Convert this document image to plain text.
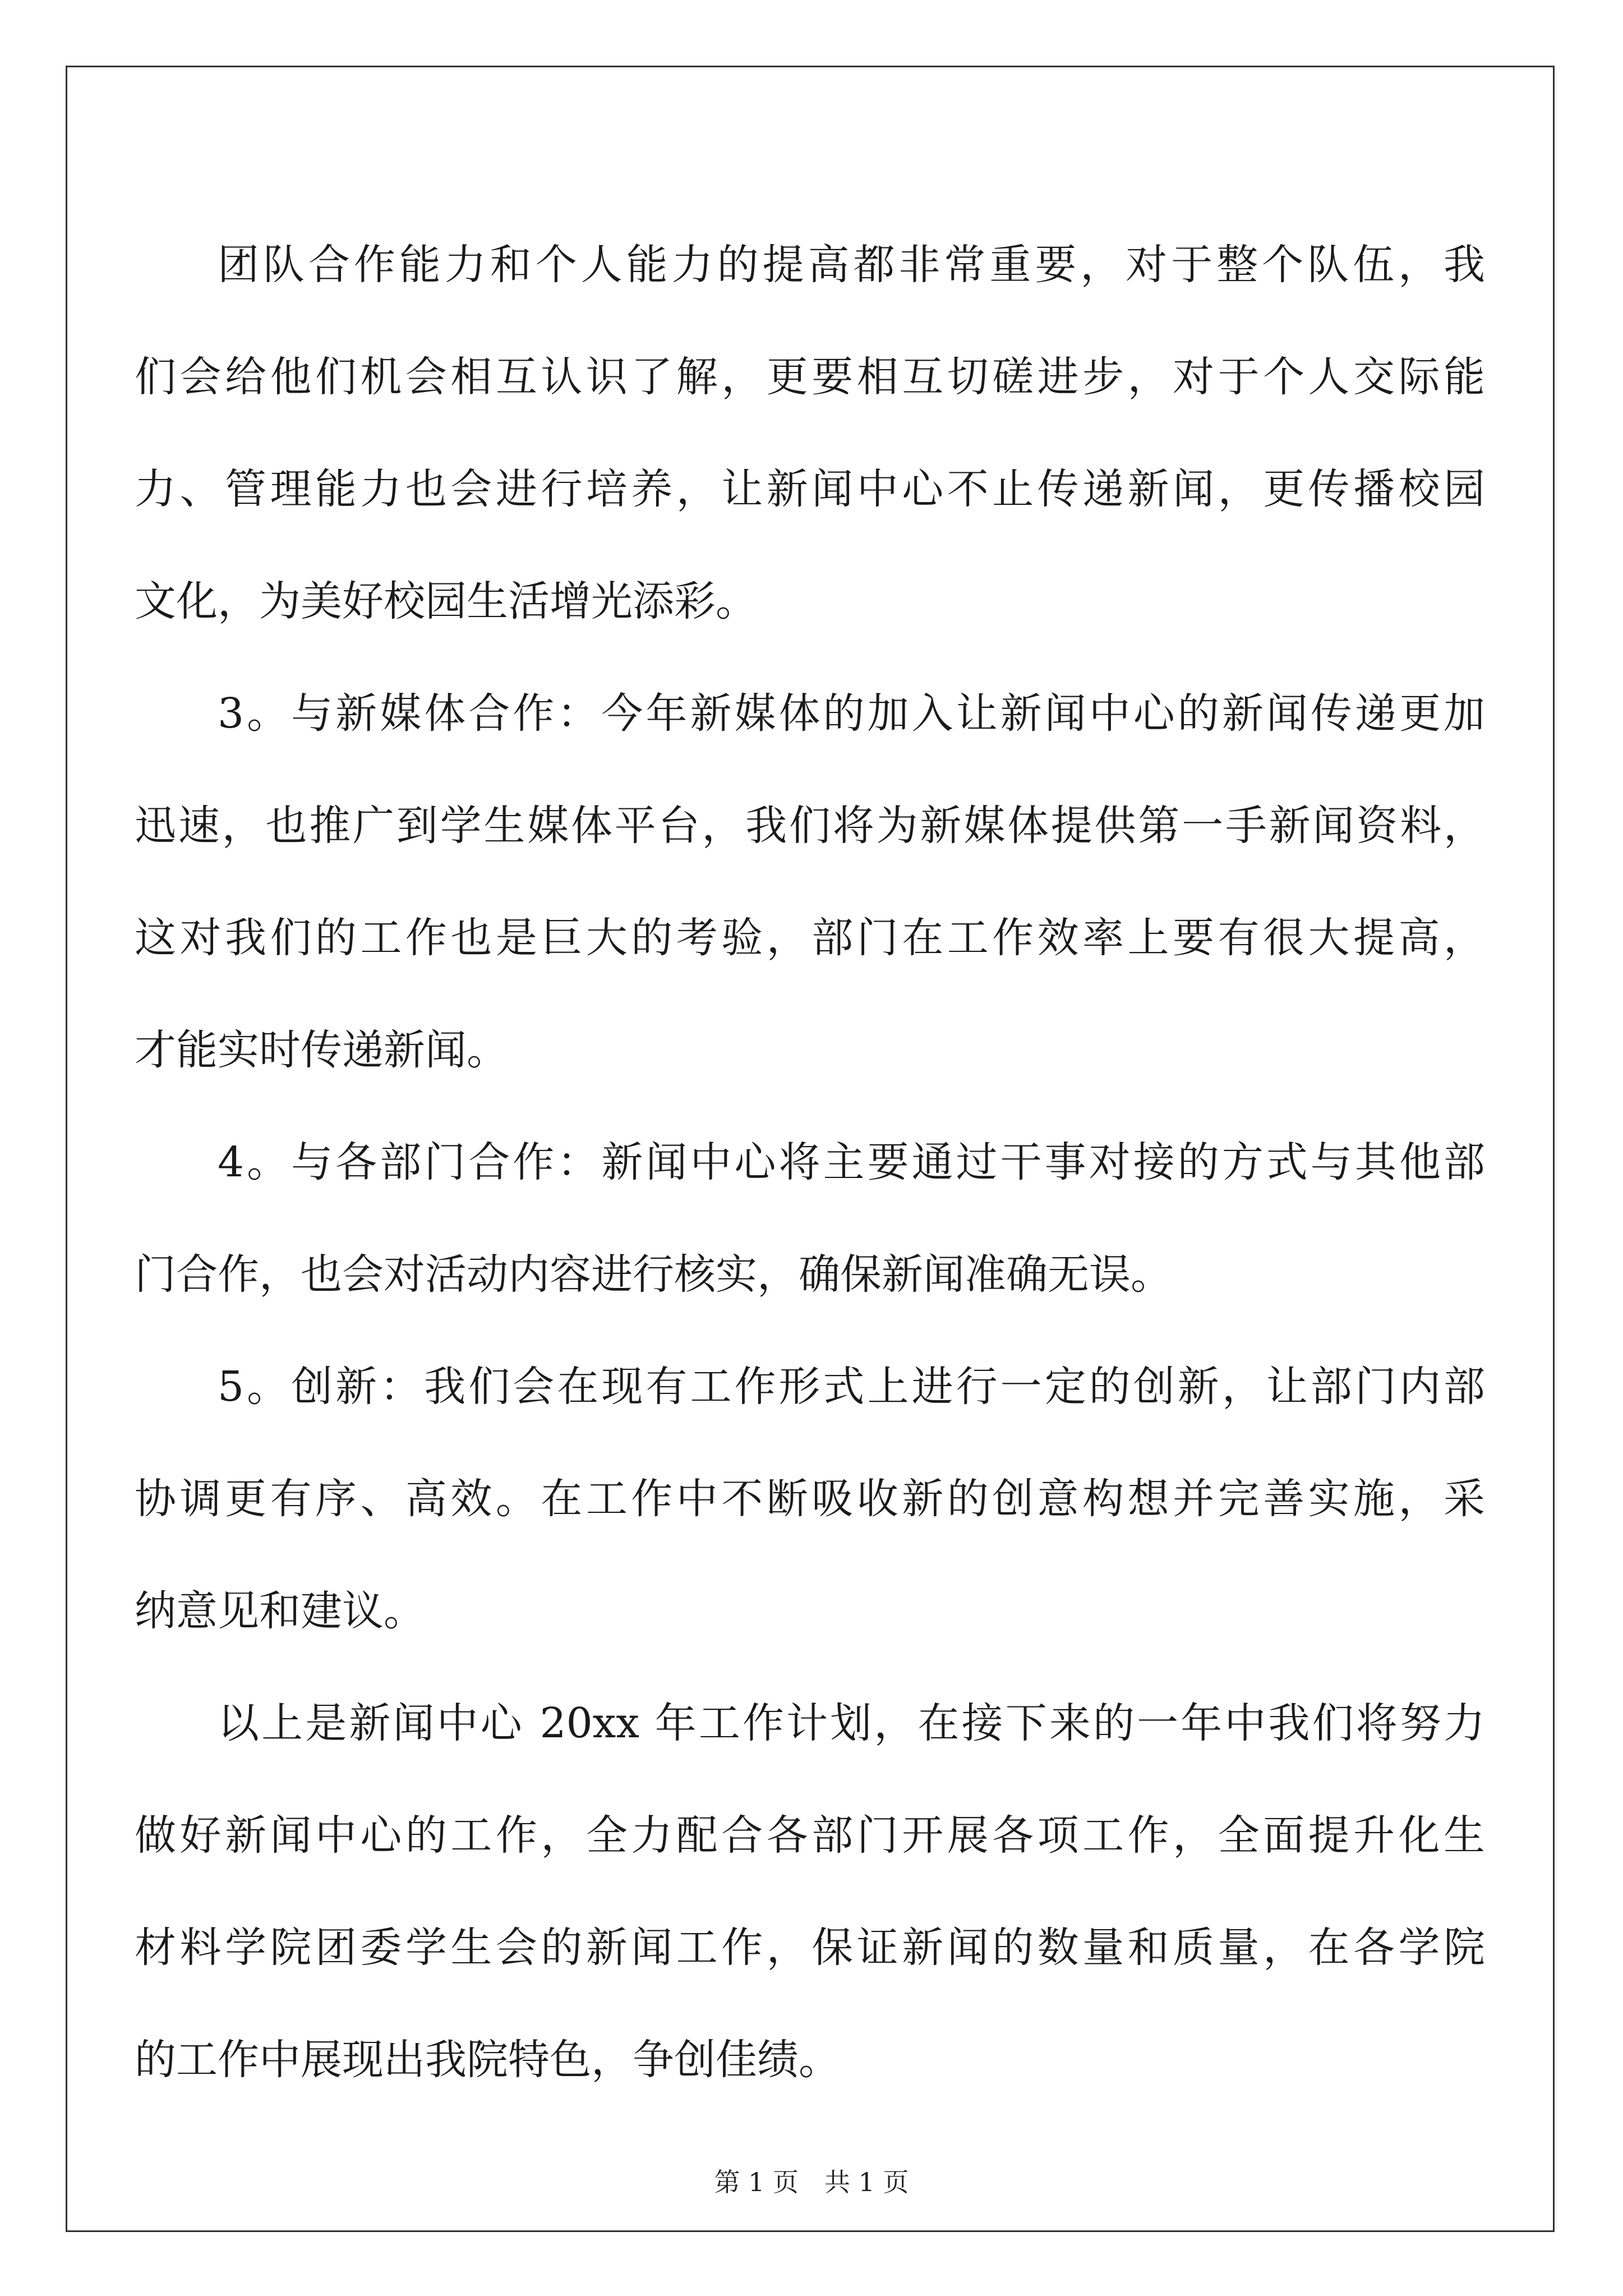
团队合作能力和个人能力的提高都非常重要，对于整个队伍，我
们会给他们机会相互认识了解，更要相互切磋进步，对于个人交际能
力、管理能力也会进行培养，让新闻中心不止传递新闻，更传播校园
文化，为美好校园生活增光添彩。
3。与新媒体合作：今年新媒体的加入让新闻中心的新闻传递更加
迅速，也推广到学生媒体平台，我们将为新媒体提供第一手新闻资料，
这对我们的工作也是巨大的考验，部门在工作效率上要有很大提高，
才能实时传递新闻。
4。与各部门合作：新闻中心将主要通过干事对接的方式与其他部
门合作，也会对活动内容进行核实，确保新闻准确无误。
5。创新：我们会在现有工作形式上进行一定的创新，让部门内部
协调更有序、高效。在工作中不断吸收新的创意构想并完善实施，采
纳意见和建议。
以上是新闻中心 20xx 年工作计划，在接下来的一年中我们将努力
做好新闻中心的工作，全力配合各部门开展各项工作，全面提升化生
材料学院团委学生会的新闻工作，保证新闻的数量和质量，在各学院
的工作中展现出我院特色，争创佳绩。
第 1 页　共 1 页
